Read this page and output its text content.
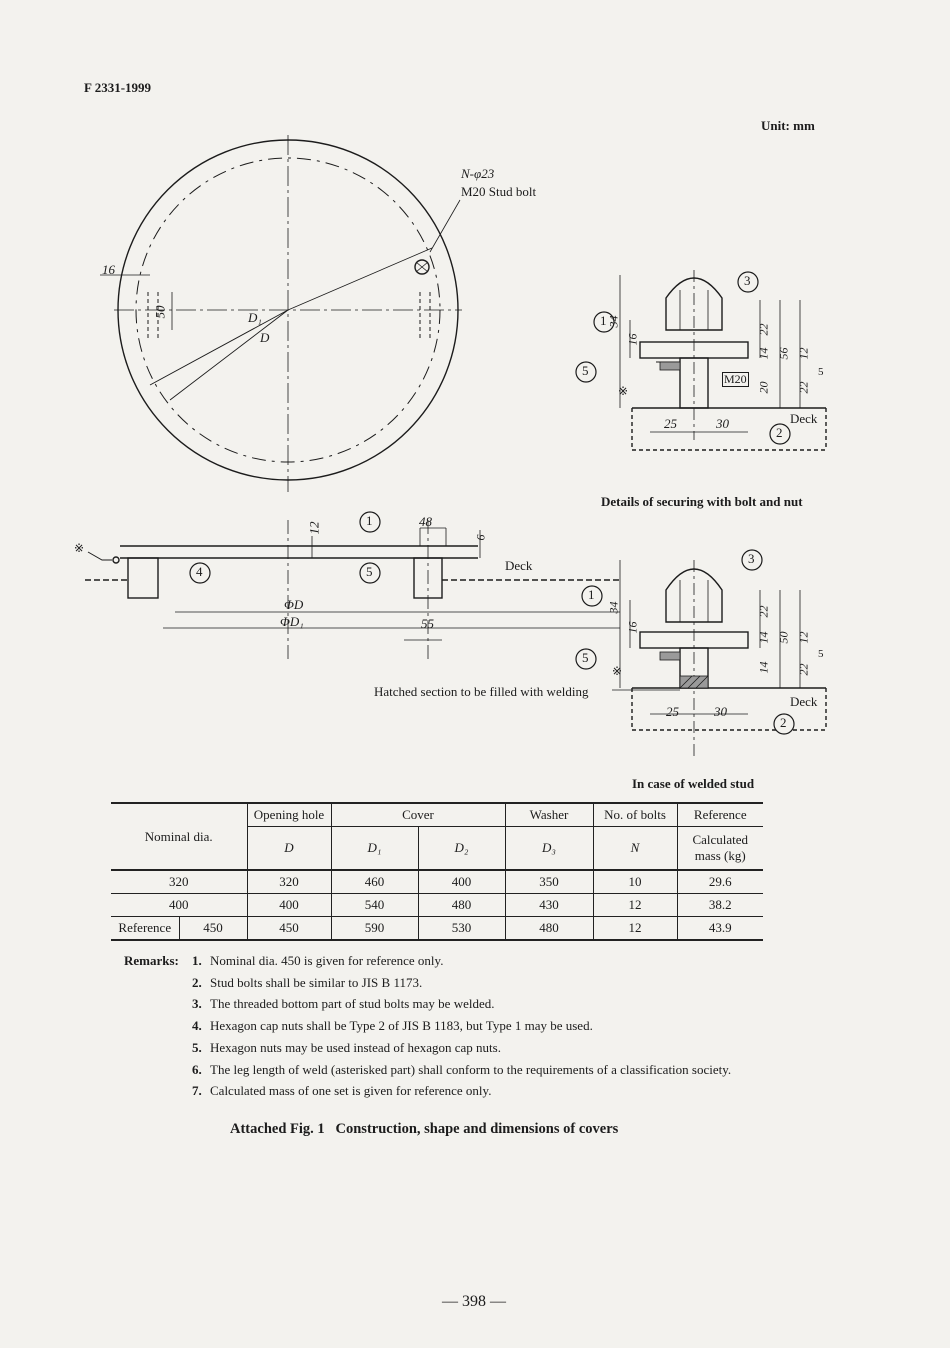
F 2331-1999
Unit: mm
N-φ23
M20 Stud bolt
16
50	D₁
D
12	48
6
Deck
ΦD
ΦD₁	55
34
16
22
14 56 12
20 22
5
M20
Deck
25	30
Details of securing with bolt and nut
34
16
22
14 50 12
14 22
5
Hatched section to be filled with welding
Deck
25	30
In case of welded stud
※
※
※
3
1
5
2
1
4	5
3
1
5
2
Nominal dia.		Opening hole	Cover		Washer	No. of bolts	Reference
		D	D₁	D₂	D₃	N	Calculated mass (kg)
320		320	460	400	350	10	29.6
400		400	540	480	430	12	38.2
Reference	450	450	590	530	480	12	43.9
Remarks: 1. Nominal dia. 450 is given for reference only.
2. Stud bolts shall be similar to JIS B 1173.
3. The threaded bottom part of stud bolts may be welded.
4. Hexagon cap nuts shall be Type 2 of JIS B 1183, but Type 1 may be used.
5. Hexagon nuts may be used instead of hexagon cap nuts.
6. The leg length of weld (asterisked part) shall conform to the requirements of a classification society.
7. Calculated mass of one set is given for reference only.
Attached Fig. 1   Construction, shape and dimensions of covers
— 398 —
